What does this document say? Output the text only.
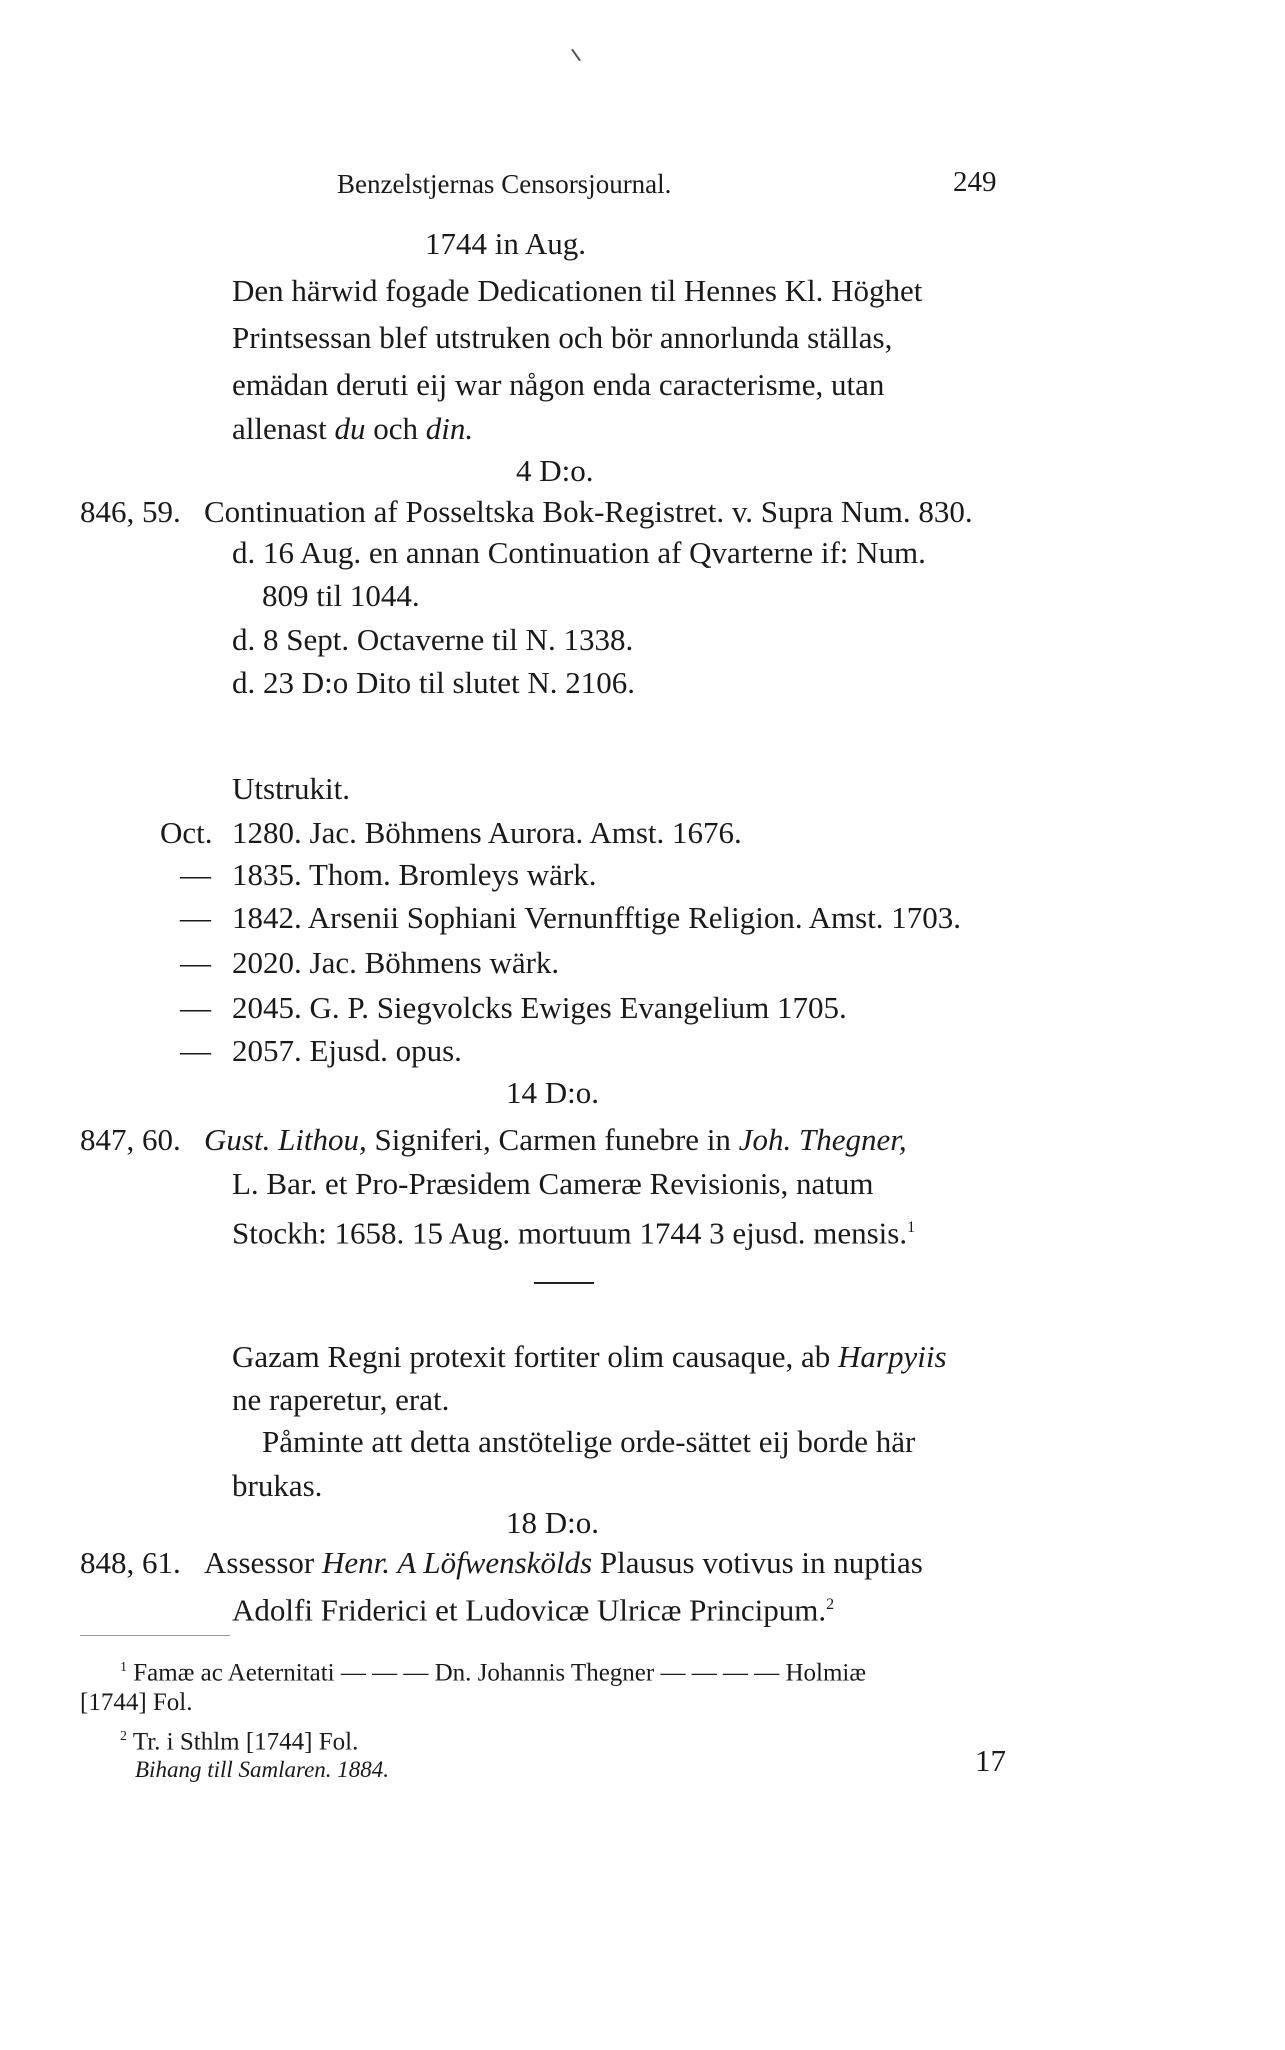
Benzelstjernas Censorsjournal.	249
1744 in Aug.
Den härwid fogade Dedicationen til Hennes Kl. Höghet
Printsessan blef utstruken och bör annorlunda ställas,
emädan deruti eij war någon enda caracterisme, utan
allenast du och din.
4 D:o.
846, 59. Continuation af Posseltska Bok-Registret. v. Supra Num. 830.
d. 16 Aug. en annan Continuation af Qvarterne if: Num.
809 til 1044.
d. 8 Sept. Octaverne til N. 1338.
d. 23 D:o Dito til slutet N. 2106.
Utstrukit.
Oct. 1280. Jac. Böhmens Aurora. Amst. 1676.
— 1835. Thom. Bromleys wärk.
— 1842. Arsenii Sophiani Vernunfftige Religion. Amst. 1703.
— 2020. Jac. Böhmens wärk.
— 2045. G. P. Siegvolcks Ewiges Evangelium 1705.
— 2057. Ejusd. opus.
14 D:o.
847, 60. Gust. Lithou, Signiferi, Carmen funebre in Joh. Thegner,
L. Bar. et Pro-Præsidem Cameræ Revisionis, natum
Stockh: 1658. 15 Aug. mortuum 1744 3 ejusd. mensis.$^1$
Gazam Regni protexit fortiter olim causaque, ab Harpyiis
ne raperetur, erat.
Påminte att detta anstötelige orde-sättet eij borde här
brukas.
18 D:o.
848, 61. Assessor Henr. A Löfwenskölds Plausus votivus in nuptias
Adolfi Friderici et Ludovicæ Ulricæ Principum.$^2$
$^1$ Famæ ac Aeternitati — — — Dn. Johannis Thegner — — — — Holmiæ
[1744] Fol.
$^2$ Tr. i Sthlm [1744] Fol.
Bihang till Samlaren. 1884.	17
